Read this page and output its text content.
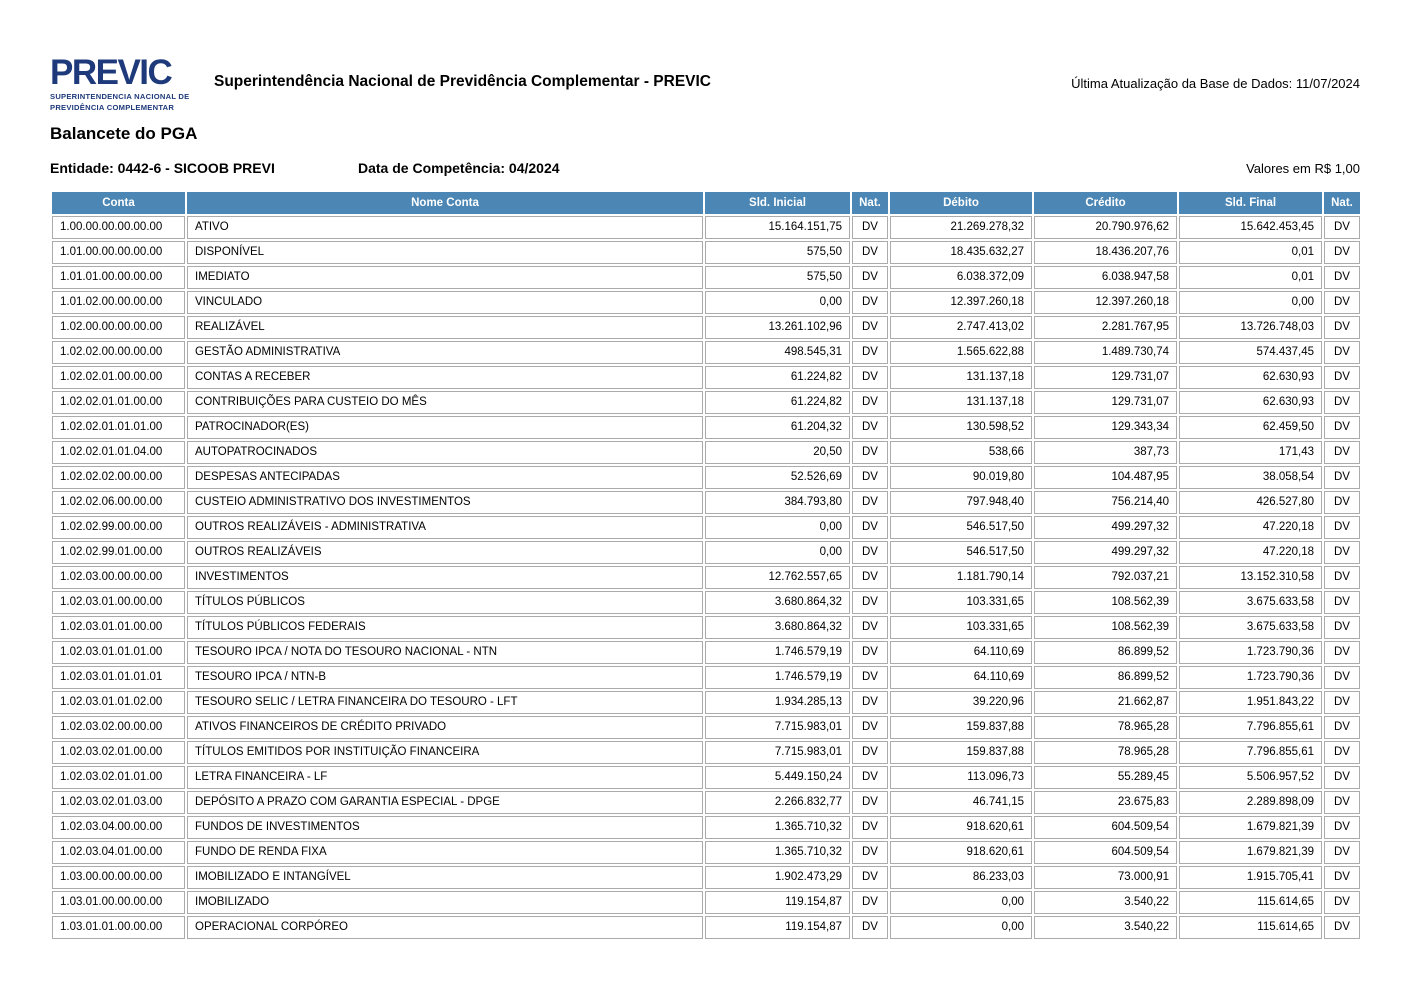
PREVIC
SUPERINTENDENCIA NACIONAL DE
PREVIDÊNCIA COMPLEMENTAR
Superintendência Nacional de Previdência Complementar - PREVIC	Última Atualização da Base de Dados: 11/07/2024
Balancete do PGA
Entidade: 0442-6 - SICOOB PREVI	Data de Competência: 04/2024	Valores em R$ 1,00
Conta	Nome Conta	Sld. Inicial	Nat.	Débito	Crédito	Sld. Final	Nat.
1.00.00.00.00.00.00	ATIVO	15.164.151,75	DV	21.269.278,32	20.790.976,62	15.642.453,45	DV
1.01.00.00.00.00.00	DISPONÍVEL	575,50	DV	18.435.632,27	18.436.207,76	0,01	DV
1.01.01.00.00.00.00	IMEDIATO	575,50	DV	6.038.372,09	6.038.947,58	0,01	DV
1.01.02.00.00.00.00	VINCULADO	0,00	DV	12.397.260,18	12.397.260,18	0,00	DV
1.02.00.00.00.00.00	REALIZÁVEL	13.261.102,96	DV	2.747.413,02	2.281.767,95	13.726.748,03	DV
1.02.02.00.00.00.00	GESTÃO ADMINISTRATIVA	498.545,31	DV	1.565.622,88	1.489.730,74	574.437,45	DV
1.02.02.01.00.00.00	CONTAS A RECEBER	61.224,82	DV	131.137,18	129.731,07	62.630,93	DV
1.02.02.01.01.00.00	CONTRIBUIÇÕES PARA CUSTEIO DO MÊS	61.224,82	DV	131.137,18	129.731,07	62.630,93	DV
1.02.02.01.01.01.00	PATROCINADOR(ES)	61.204,32	DV	130.598,52	129.343,34	62.459,50	DV
1.02.02.01.01.04.00	AUTOPATROCINADOS	20,50	DV	538,66	387,73	171,43	DV
1.02.02.02.00.00.00	DESPESAS ANTECIPADAS	52.526,69	DV	90.019,80	104.487,95	38.058,54	DV
1.02.02.06.00.00.00	CUSTEIO ADMINISTRATIVO DOS INVESTIMENTOS	384.793,80	DV	797.948,40	756.214,40	426.527,80	DV
1.02.02.99.00.00.00	OUTROS REALIZÁVEIS - ADMINISTRATIVA	0,00	DV	546.517,50	499.297,32	47.220,18	DV
1.02.02.99.01.00.00	OUTROS REALIZÁVEIS	0,00	DV	546.517,50	499.297,32	47.220,18	DV
1.02.03.00.00.00.00	INVESTIMENTOS	12.762.557,65	DV	1.181.790,14	792.037,21	13.152.310,58	DV
1.02.03.01.00.00.00	TÍTULOS PÚBLICOS	3.680.864,32	DV	103.331,65	108.562,39	3.675.633,58	DV
1.02.03.01.01.00.00	TÍTULOS PÚBLICOS FEDERAIS	3.680.864,32	DV	103.331,65	108.562,39	3.675.633,58	DV
1.02.03.01.01.01.00	TESOURO IPCA / NOTA DO TESOURO NACIONAL - NTN	1.746.579,19	DV	64.110,69	86.899,52	1.723.790,36	DV
1.02.03.01.01.01.01	TESOURO IPCA / NTN-B	1.746.579,19	DV	64.110,69	86.899,52	1.723.790,36	DV
1.02.03.01.01.02.00	TESOURO SELIC / LETRA FINANCEIRA DO TESOURO - LFT	1.934.285,13	DV	39.220,96	21.662,87	1.951.843,22	DV
1.02.03.02.00.00.00	ATIVOS FINANCEIROS DE CRÉDITO PRIVADO	7.715.983,01	DV	159.837,88	78.965,28	7.796.855,61	DV
1.02.03.02.01.00.00	TÍTULOS EMITIDOS POR INSTITUIÇÃO FINANCEIRA	7.715.983,01	DV	159.837,88	78.965,28	7.796.855,61	DV
1.02.03.02.01.01.00	LETRA FINANCEIRA - LF	5.449.150,24	DV	113.096,73	55.289,45	5.506.957,52	DV
1.02.03.02.01.03.00	DEPÓSITO A PRAZO COM GARANTIA ESPECIAL - DPGE	2.266.832,77	DV	46.741,15	23.675,83	2.289.898,09	DV
1.02.03.04.00.00.00	FUNDOS DE INVESTIMENTOS	1.365.710,32	DV	918.620,61	604.509,54	1.679.821,39	DV
1.02.03.04.01.00.00	FUNDO DE RENDA FIXA	1.365.710,32	DV	918.620,61	604.509,54	1.679.821,39	DV
1.03.00.00.00.00.00	IMOBILIZADO E INTANGÍVEL	1.902.473,29	DV	86.233,03	73.000,91	1.915.705,41	DV
1.03.01.00.00.00.00	IMOBILIZADO	119.154,87	DV	0,00	3.540,22	115.614,65	DV
1.03.01.01.00.00.00	OPERACIONAL CORPÓREO	119.154,87	DV	0,00	3.540,22	115.614,65	DV
